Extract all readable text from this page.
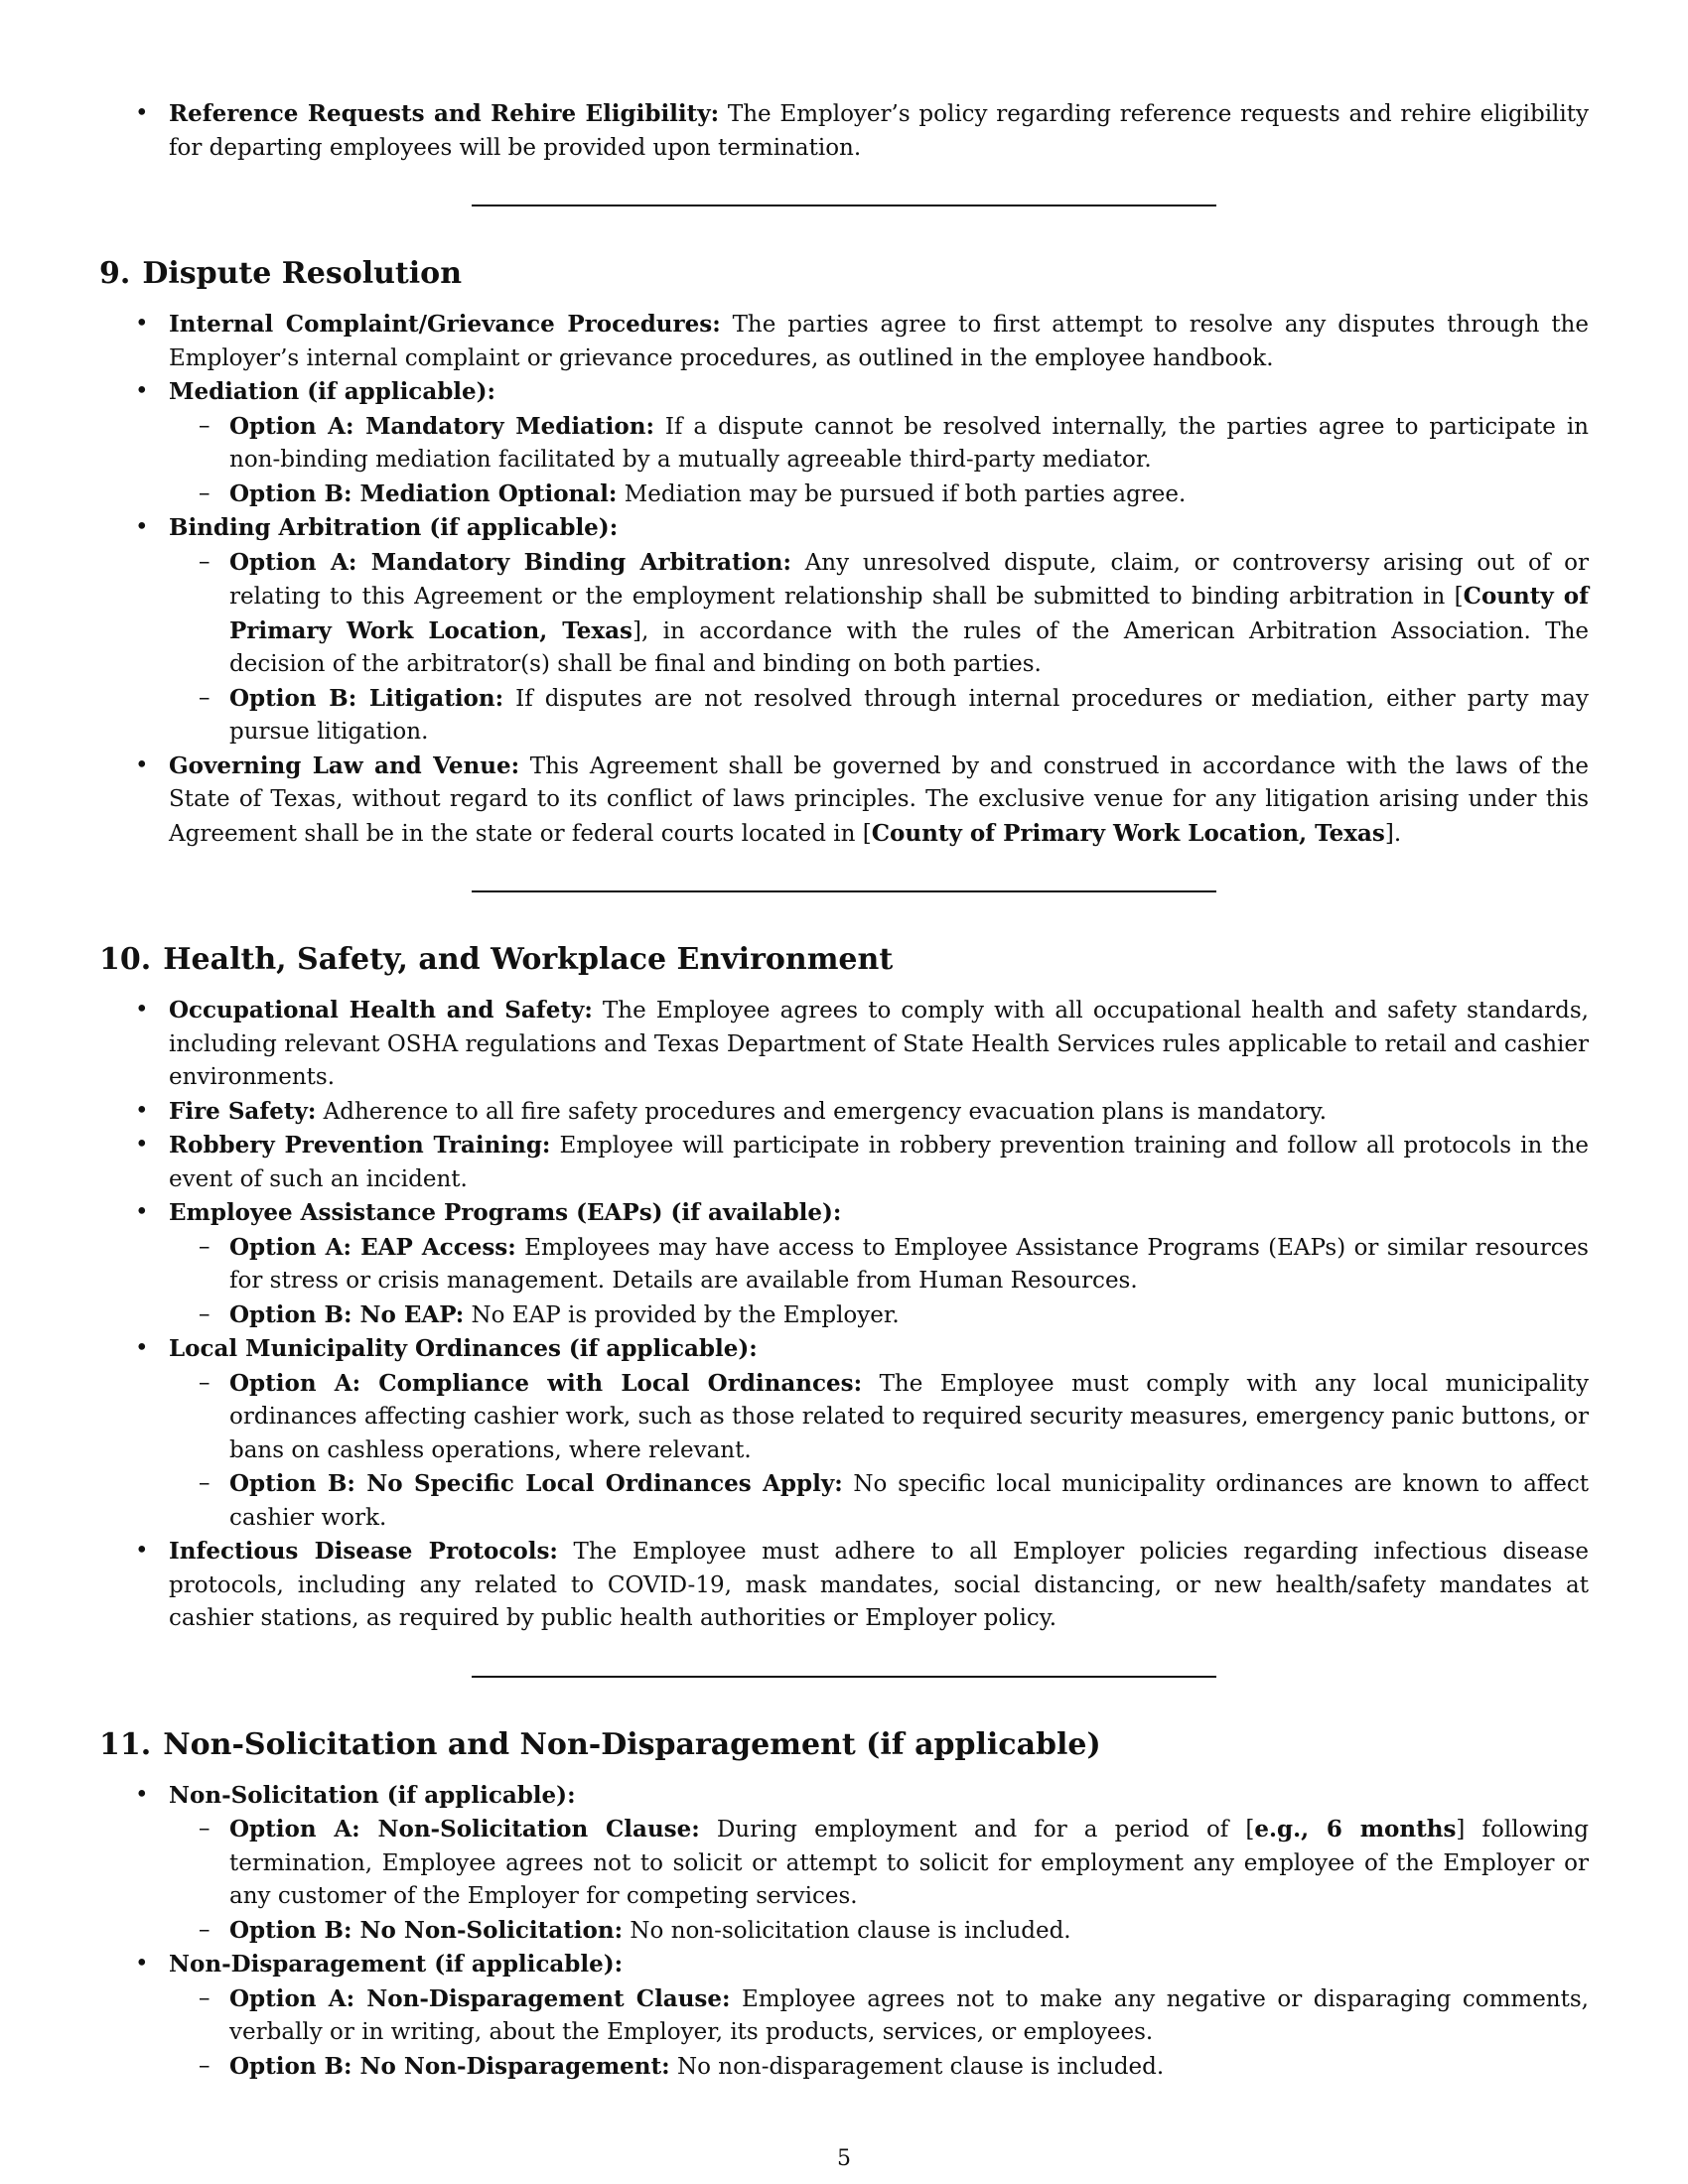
• Reference Requests and Rehire Eligibility: The Employer’s policy regarding reference requests and rehire eligibility for departing employees will be provided upon termination.
9. Dispute Resolution
• Internal Complaint/Grievance Procedures: The parties agree to first attempt to resolve any disputes through the Employer’s internal complaint or grievance procedures, as outlined in the employee handbook.
• Mediation (if applicable):
– Option A: Mandatory Mediation: If a dispute cannot be resolved internally, the parties agree to participate in non-binding mediation facilitated by a mutually agreeable third-party mediator.
– Option B: Mediation Optional: Mediation may be pursued if both parties agree.
• Binding Arbitration (if applicable):
– Option A: Mandatory Binding Arbitration: Any unresolved dispute, claim, or controversy arising out of or relating to this Agreement or the employment relationship shall be submitted to binding arbitration in [County of Primary Work Location, Texas], in accordance with the rules of the American Arbitration Association. The decision of the arbitrator(s) shall be final and binding on both parties.
– Option B: Litigation: If disputes are not resolved through internal procedures or mediation, either party may pursue litigation.
• Governing Law and Venue: This Agreement shall be governed by and construed in accordance with the laws of the State of Texas, without regard to its conflict of laws principles. The exclusive venue for any litigation arising under this Agreement shall be in the state or federal courts located in [County of Primary Work Location, Texas].
10. Health, Safety, and Workplace Environment
• Occupational Health and Safety: The Employee agrees to comply with all occupational health and safety standards, including relevant OSHA regulations and Texas Department of State Health Services rules applicable to retail and cashier environments.
• Fire Safety: Adherence to all fire safety procedures and emergency evacuation plans is mandatory.
• Robbery Prevention Training: Employee will participate in robbery prevention training and follow all protocols in the event of such an incident.
• Employee Assistance Programs (EAPs) (if available):
– Option A: EAP Access: Employees may have access to Employee Assistance Programs (EAPs) or similar resources for stress or crisis management. Details are available from Human Resources.
– Option B: No EAP: No EAP is provided by the Employer.
• Local Municipality Ordinances (if applicable):
– Option A: Compliance with Local Ordinances: The Employee must comply with any local municipality ordinances affecting cashier work, such as those related to required security measures, emergency panic buttons, or bans on cashless operations, where relevant.
– Option B: No Specific Local Ordinances Apply: No specific local municipality ordinances are known to affect cashier work.
• Infectious Disease Protocols: The Employee must adhere to all Employer policies regarding infectious disease protocols, including any related to COVID-19, mask mandates, social distancing, or new health/safety mandates at cashier stations, as required by public health authorities or Employer policy.
11. Non-Solicitation and Non-Disparagement (if applicable)
• Non-Solicitation (if applicable):
– Option A: Non-Solicitation Clause: During employment and for a period of [e.g., 6 months] following termination, Employee agrees not to solicit or attempt to solicit for employment any employee of the Employer or any customer of the Employer for competing services.
– Option B: No Non-Solicitation: No non-solicitation clause is included.
• Non-Disparagement (if applicable):
– Option A: Non-Disparagement Clause: Employee agrees not to make any negative or disparaging comments, verbally or in writing, about the Employer, its products, services, or employees.
– Option B: No Non-Disparagement: No non-disparagement clause is included.
5
